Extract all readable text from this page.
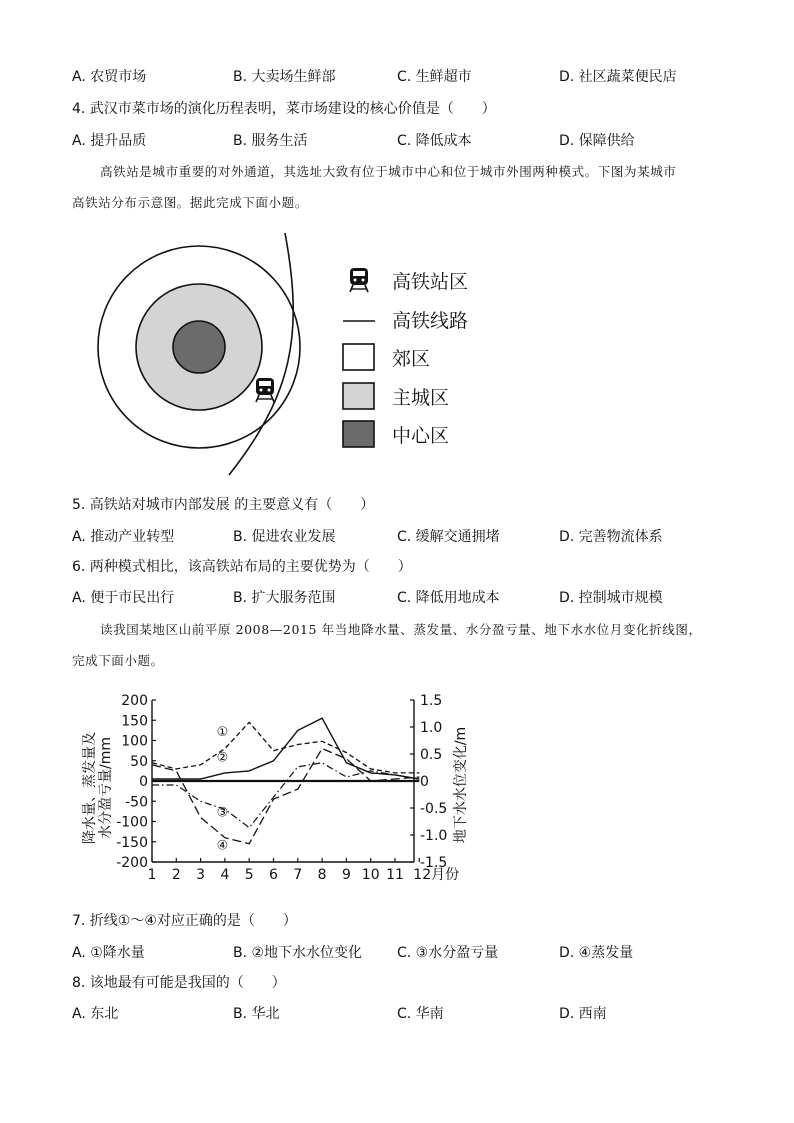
A. 农贸市场	B. 大卖场生鲜部	C. 生鲜超市	D. 社区蔬菜便民店
4. 武汉市菜市场的演化历程表明，菜市场建设的核心价值是（　　）
A. 提升品质	B. 服务生活	C. 降低成本	D. 保障供给
高铁站是城市重要的对外通道，其选址大致有位于城市中心和位于城市外围两种模式。下图为某城市
高铁站分布示意图。据此完成下面小题。
高铁站区
高铁线路
郊区
主城区
中心区
5. 高铁站对城市内部发展 的主要意义有（　　）
A. 推动产业转型	B. 促进农业发展	C. 缓解交通拥堵	D. 完善物流体系
6. 两种模式相比，该高铁站布局的主要优势为（　　）
A. 便于市民出行	B. 扩大服务范围	C. 降低用地成本	D. 控制城市规模
读我国某地区山前平原 2008—2015 年当地降水量、蒸发量、水分盈亏量、地下水水位月变化折线图，
完成下面小题。
200
150
100
50
0
-50
-100
-150
-200
1.5
1.0
0.5
0
-0.5
-1.0
-1.5
1 2 3 4 5 6 7 8 9 10 11 12月份
①
②
③
④
降水量、蒸发量及 水分盈亏量/mm	地下水水位变化/m
7. 折线①～④对应正确的是（　　）
A. ①降水量	B. ②地下水水位变化 C. ③水分盈亏量	D. ④蒸发量
8. 该地最有可能是我国的（　　）
A. 东北	B. 华北	C. 华南	D. 西南
